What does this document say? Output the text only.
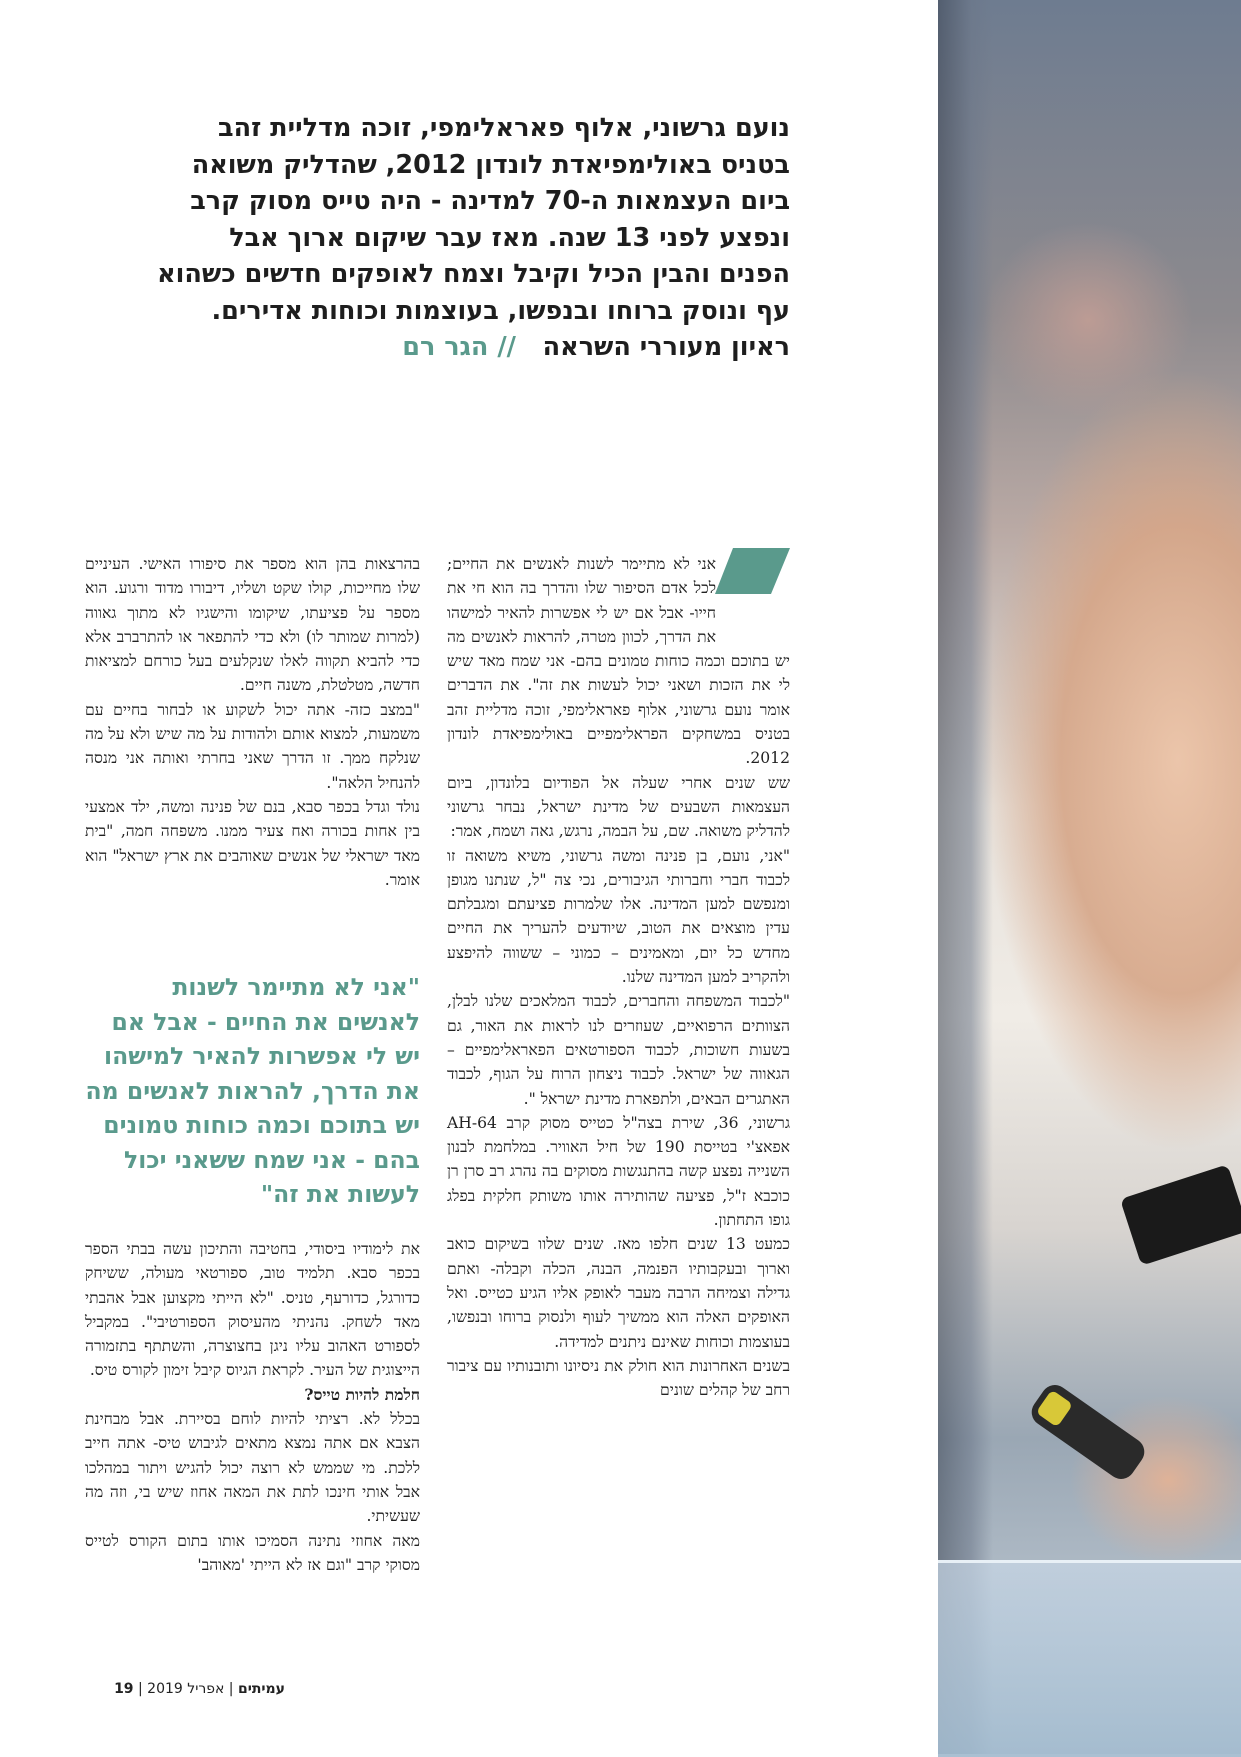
נועם גרשוני, אלוף פאראלימפי, זוכה מדליית זהב בטניס באולימפיאדת לונדון 2012, שהדליק משואה ביום העצמאות ה-70 למדינה - היה טייס מסוק קרב ונפצע לפני 13 שנה. מאז עבר שיקום ארוך אבל הפנים והבין הכיל וקיבל וצמח לאופקים חדשים כשהוא עף ונוסק ברוחו ובנפשו, בעוצמות וכוחות אדירים.
ראיון מעוררי השראה   // הגר רם

אני לא מתיימר לשנות לאנשים את החיים; לכל אדם הסיפור שלו והדרך בה הוא חי את חייו- אבל אם יש לי אפשרות להאיר למישהו את הדרך, לכוון מטרה, להראות לאנשים מה יש בתוכם וכמה כוחות טמונים בהם- אני שמח מאד שיש לי את הזכות ושאני יכול לעשות את זה". את הדברים אומר נועם גרשוני, אלוף פאראלימפי, זוכה מדליית זהב בטניס במשחקים הפראלימפיים באולימפיאדת לונדון 2012.

שש שנים אחרי שעלה אל הפודיום בלונדון, ביום העצמאות השבעים של מדינת ישראל, נבחר גרשוני להדליק משואה. שם, על הבמה, נרגש, גאה ושמח, אמר:

"אני, נועם, בן פנינה ומשה גרשוני, משיא משואה זו לכבוד חברי וחברותי הגיבורים, נכי צה "ל, שנתנו מגופן ומנפשם למען המדינה. אלו שלמרות פציעתם ומגבלתם עדין מוצאים את הטוב, שיודעים להעריך את החיים מחדש כל יום, ומאמינים – כמוני – ששווה להיפצע ולהקריב למען המדינה שלנו.

"לכבוד המשפחה והחברים, לכבוד המלאכים שלנו לבלן, הצוותים הרפואיים, שעוזרים לנו לראות את האור, גם בשעות חשוכות, לכבוד הספורטאים הפאראלימפיים – הגאווה של ישראל. לכבוד ניצחון הרוח על הגוף, לכבוד האתגרים הבאים, ולתפארת מדינת ישראל ".

גרשוני, 36, שירת בצה"ל כטייס מסוק קרב AH-64 אפאצ'י בטייסת 190 של חיל האוויר. במלחמת לבנון השנייה נפצע קשה בהתנגשות מסוקים בה נהרג רב סרן רן כוכבא ז"ל, פציעה שהותירה אותו משותק חלקית בפלג גופו התחתון.

כמעט 13 שנים חלפו מאז. שנים שלוו בשיקום כואב וארוך ובעקבותיו הפנמה, הבנה, הכלה וקבלה- ואתם גדילה וצמיחה הרבה מעבר לאופק אליו הגיע כטייס. ואל האופקים האלה הוא ממשיך לעוף ולנסוק ברוחו ובנפשו, בעוצמות וכוחות שאינם ניתנים למדידה.

בשנים האחרונות הוא חולק את ניסיונו ותובנותיו עם ציבור רחב של קהלים שונים

בהרצאות בהן הוא מספר את סיפורו האישי. העיניים שלו מחייכות, קולו שקט ושליו, דיבורו מדוד ורגוע. הוא מספר על פציעתו, שיקומו והישגיו לא מתוך גאווה (למרות שמותר לו) ולא כדי להתפאר או להתרברב אלא כדי להביא תקווה לאלו שנקלעים בעל כורחם למציאות חדשה, מטלטלת, משנה חיים.

"במצב כזה- אתה יכול לשקוע או לבחור בחיים עם משמעות, למצוא אותם ולהודות על מה שיש ולא על מה שנלקח ממך. זו הדרך שאני בחרתי ואותה אני מנסה להנחיל הלאה".

נולד וגדל בכפר סבא, בנם של פנינה ומשה, ילד אמצעי בין אחות בכורה ואח צעיר ממנו. משפחה חמה, "בית מאד ישראלי של אנשים שאוהבים את ארץ ישראל" הוא אומר.

"אני לא מתיימר לשנות לאנשים את החיים - אבל אם יש לי אפשרות להאיר למישהו את הדרך, להראות לאנשים מה יש בתוכם וכמה כוחות טמונים בהם - אני שמח ששאני יכול לעשות את זה"

את לימודיו ביסודי, בחטיבה והתיכון עשה בבתי הספר בכפר סבא. תלמיד טוב, ספורטאי מעולה, ששיחק כדורגל, כדורעף, טניס. "לא הייתי מקצוען אבל אהבתי מאד לשחק. נהניתי מהעיסוק הספורטיבי". במקביל לספורט האהוב עליו ניגן בחצוצרה, והשתתף בתזמורה הייצוגית של העיר. לקראת הגיוס קיבל זימון לקורס טיס.

חלמת להיות טייס?

בכלל לא. רציתי להיות לוחם בסיירת. אבל מבחינת הצבא אם אתה נמצא מתאים לגיבוש טיס- אתה חייב ללכת. מי שממש לא רוצה יכול להגיש ויתור במהלכו אבל אותי חינכו לתת את המאה אחוז שיש בי, וזה מה שעשיתי.

מאה אחוזי נתינה הסמיכו אותו בתום הקורס לטייס מסוקי קרב "וגם אז לא הייתי 'מאוהב'

עמיתים | אפריל 2019 | 19
